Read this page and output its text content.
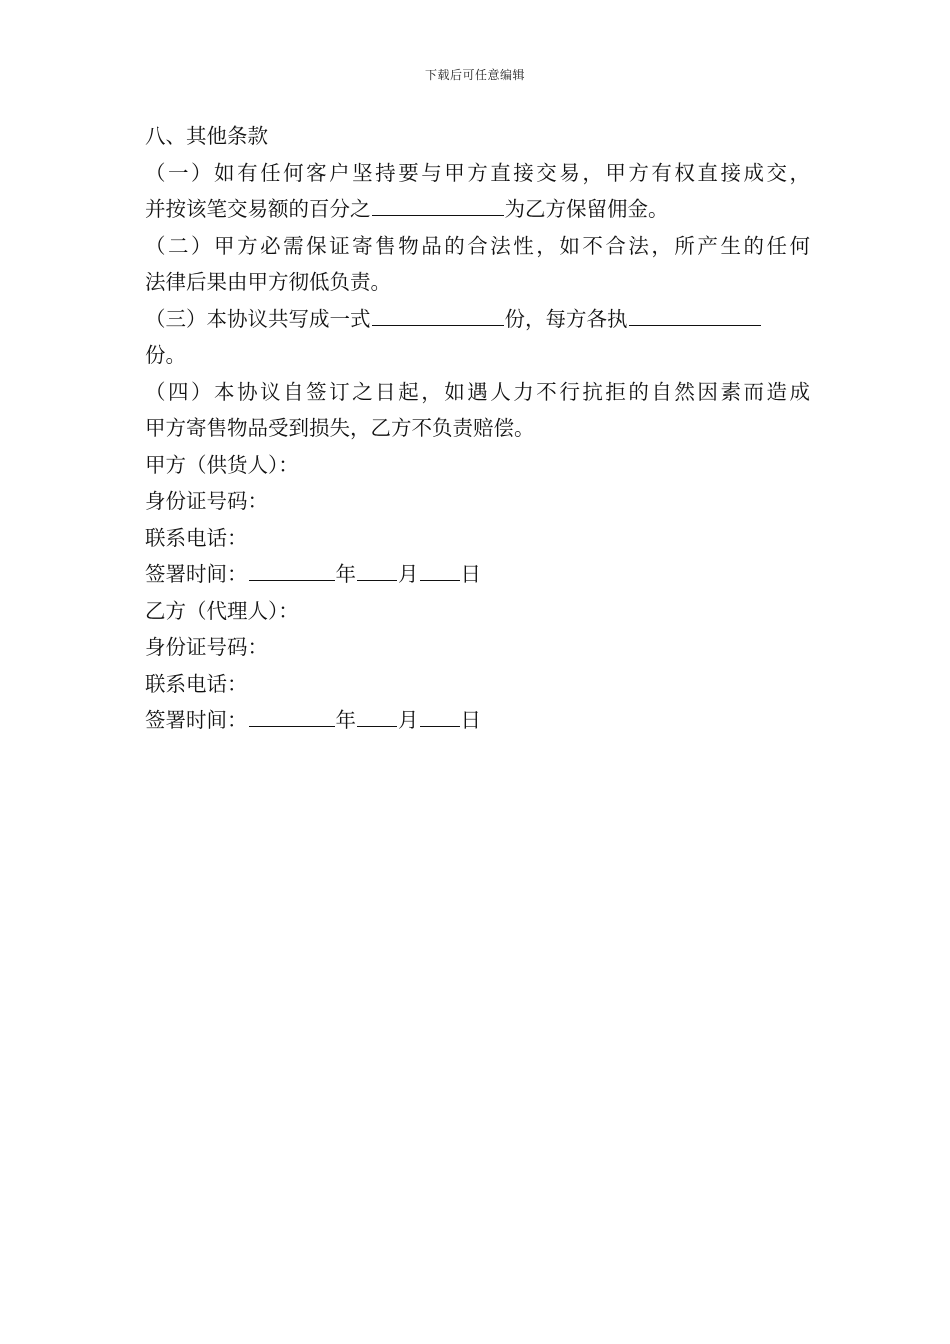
下载后可任意编辑
八、其他条款
（一）如有任何客户坚持要与甲方直接交易，甲方有权直接成交，
并按该笔交易额的百分之	为乙方保留佣金。
（二）甲方必需保证寄售物品的合法性，如不合法，所产生的任何
法律后果由甲方彻低负责。
（三）本协议共写成一式	份，每方各执
份。
（四）本协议自签订之日起，如遇人力不行抗拒的自然因素而造成
甲方寄售物品受到损失，乙方不负责赔偿。
甲方（供货人）：
身份证号码：
联系电话：
签署时间：	年 月 日
乙方（代理人）：
身份证号码：
联系电话：
签署时间：	年 月 日
